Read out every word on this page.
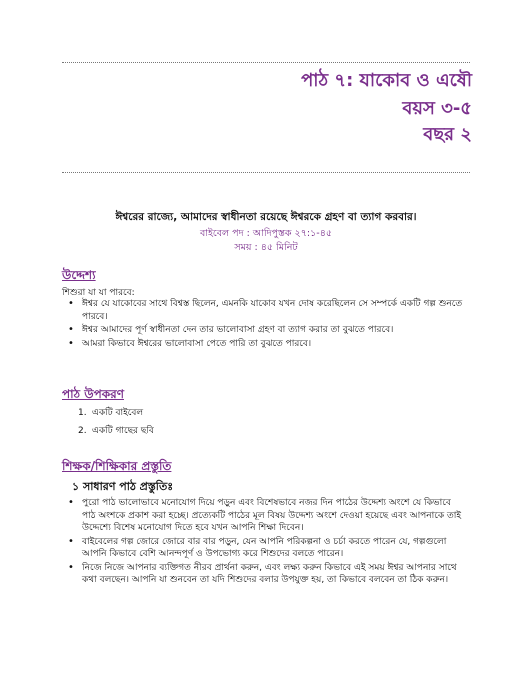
পাঠ ৭: যাকোব ও এষৌ
বয়স ৩-৫
বছর ২
ঈশ্বরের রাজ্যে, আমাদের স্বাধীনতা রয়েছে ঈশ্বরকে গ্রহণ বা ত্যাগ করবার।
বাইবেল পদ : আদিপুস্তক ২৭:১-৪৫
সময় : ৪৫ মিনিট
উদ্দেশ্য
শিশুরা যা যা পারবে:
• ঈশ্বর যে যাকোবের সাথে বিশ্বস্ত ছিলেন, এমনকি যাকোব যখন দোষ করেছিলেন সে সম্পর্কে একটি গল্প শুনতে পারবে।
• ঈশ্বর আমাদের পূর্ণ স্বাধীনতা দেন তার ভালোবাসা গ্রহণ বা ত্যাগ করার তা বুঝতে পারবে।
• আমরা কিভাবে ঈশ্বরের ভালোবাসা পেতে পারি তা বুঝতে পারবে।
পাঠ উপকরণ
1. একটি বাইবেল
2. একটি গাছের ছবি
শিক্ষক/শিক্ষিকার প্রস্তুতি
১ সাধারণ পাঠ প্রস্তুতিঃ
• পুরো পাঠ ভালোভাবে মনোযোগ দিয়ে পড়ুন এবং বিশেষভাবে নজর দিন পাঠের উদ্দেশ্য অংশে যে কিভাবে পাঠ অংশকে প্রকাশ করা হচ্ছে। প্রত্যেকটি পাঠের মূল বিষয় উদ্দেশ্য অংশে দেওয়া হয়েছে এবং আপনাকে তাই উদ্দেশ্যে বিশেষ মনোযোগ দিতে হবে যখন আপনি শিক্ষা দিবেন।
• বাইবেলের গল্প জোরে জোরে বার বার পড়ুন, যেন আপনি পরিকল্পনা ও চর্চা করতে পারেন যে, গল্পগুলো আপনি কিভাবে বেশি আনন্দপূর্ণ ও উপভোগ্য করে শিশুদের বলতে পারেন।
• নিজে নিজে আপনার ব্যক্তিগত নীরব প্রার্থনা করুন, এবং লক্ষ্য করুন কিভাবে এই সময় ঈশ্বর আপনার সাথে কথা বলছেন। আপনি যা শুনবেন তা যদি শিশুদের বলার উপযুক্ত হয়, তা কিভাবে বলবেন তা ঠিক করুন।
